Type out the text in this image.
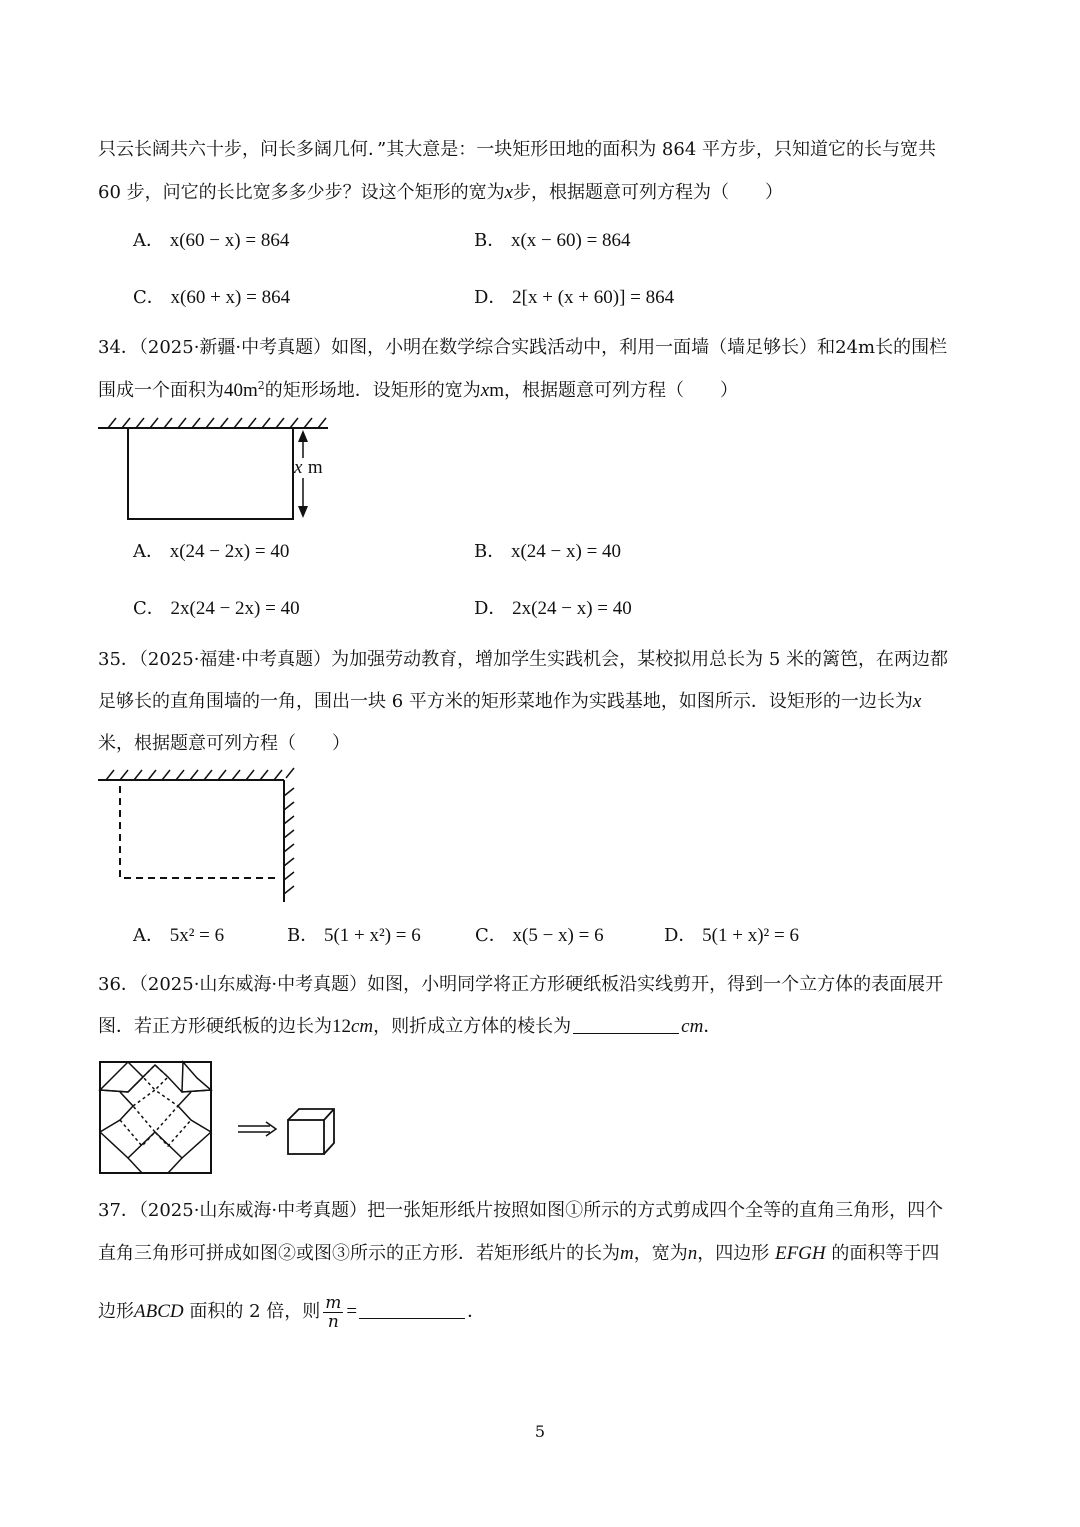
只云长阔共六十步，问长多阔几何．”其大意是：一块矩形田地的面积为 864 平方步，只知道它的长与宽共
60 步，问它的长比宽多多少步？设这个矩形的宽为x步，根据题意可列方程为（　　）
A． x(60 − x) = 864	B． x(x − 60) = 864
C． x(60 + x) = 864	D． 2[x + (x + 60)] = 864
34．（2025·新疆·中考真题）如图，小明在数学综合实践活动中，利用一面墙（墙足够长）和24m长的围栏
围成一个面积为$40m^2$的矩形场地．设矩形的宽为xm，根据题意可列方程（　　）
x m
A． x(24 − 2x) = 40	B． x(24 − x) = 40
C． 2x(24 − 2x) = 40	D． 2x(24 − x) = 40
35．（2025·福建·中考真题）为加强劳动教育，增加学生实践机会，某校拟用总长为 5 米的篱笆，在两边都
足够长的直角围墙的一角，围出一块 6 平方米的矩形菜地作为实践基地，如图所示．设矩形的一边长为x
米，根据题意可列方程（　　）
A． 5x² = 6	B． 5(1 + x²) = 6	C． x(5 − x) = 6	D． 5(1 + x)² = 6
36．（2025·山东威海·中考真题）如图，小明同学将正方形硬纸板沿实线剪开，得到一个立方体的表面展开
图．若正方形硬纸板的边长为12cm，则折成立方体的棱长为	cm．
37．（2025·山东威海·中考真题）把一张矩形纸片按照如图①所示的方式剪成四个全等的直角三角形，四个
直角三角形可拼成如图②或图③所示的正方形．若矩形纸片的长为m，宽为n，四边形 EFGH 的面积等于四
边形ABCD 面积的 2 倍，则 $\frac{m}{n}$ =	．
5
